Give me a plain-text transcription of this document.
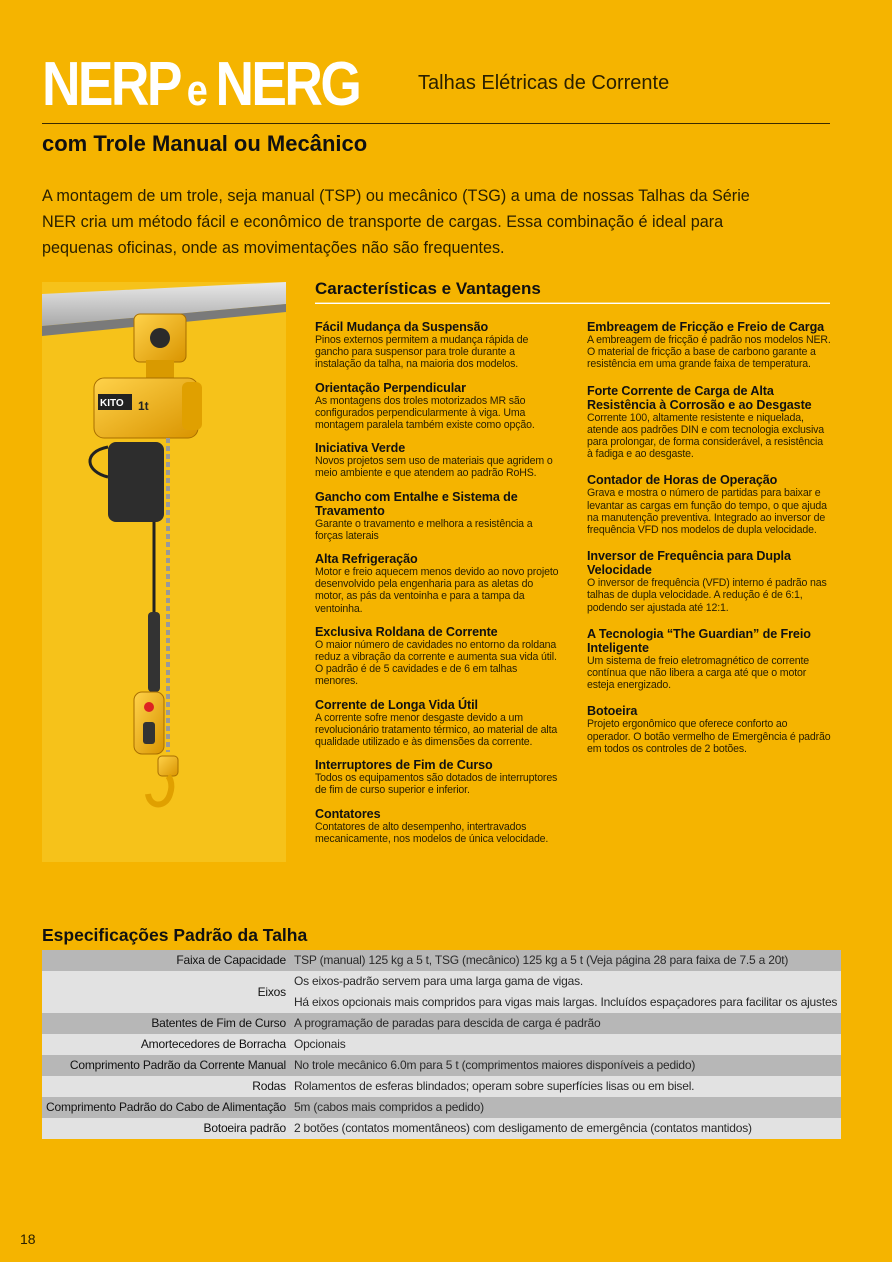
NERP e NERG	Talhas Elétricas de Corrente
com Trole Manual ou Mecânico
A montagem de um trole, seja manual (TSP) ou mecânico (TSG) a uma de nossas Talhas da Série NER cria um método fácil e econômico de transporte de cargas. Essa combinação é ideal para pequenas oficinas, onde as movimentações não são frequentes.
KITO 1t
Características e Vantagens
Fácil Mudança da Suspensão

Pinos externos permitem a mudança rápida de gancho para suspensor para trole durante a instalação da talha, na maioria dos modelos.

Orientação Perpendicular

As montagens dos troles motorizados MR são configurados perpendicularmente à viga. Uma montagem paralela também existe como opção.

Iniciativa Verde

Novos projetos sem uso de materiais que agridem o meio ambiente e que atendem ao padrão RoHS.

Gancho com Entalhe e Sistema de Travamento

Garante o travamento e melhora a resistência a forças laterais

Alta Refrigeração

Motor e freio aquecem menos devido ao novo projeto desenvolvido pela engenharia para as aletas do motor, as pás da ventoinha e para a tampa da ventoinha.

Exclusiva Roldana de Corrente

O maior número de cavidades no entorno da roldana reduz a vibração da corrente e aumenta sua vida útil. O padrão é de 5 cavidades e de 6 em talhas menores.

Corrente de Longa Vida Útil

A corrente sofre menor desgaste devido a um revolucionário tratamento térmico, ao material de alta qualidade utilizado e às dimensões da corrente.

Interruptores de Fim de Curso

Todos os equipamentos são dotados de interruptores de fim de curso superior e inferior.

Contatores

Contatores de alto desempenho, intertravados mecanicamente, nos modelos de única velocidade.

Embreagem de Fricção e Freio de Carga

A embreagem de fricção é padrão nos modelos NER. O material de fricção a base de carbono garante a resistência em uma grande faixa de temperatura.

Forte Corrente de Carga de Alta Resistência à Corrosão e ao Desgaste

Corrente 100, altamente resistente e niquelada, atende aos padrões DIN e com tecnologia exclusiva para prolongar, de forma considerável, a resistência à fadiga e ao desgaste.

Contador de Horas de Operação

Grava e mostra o número de partidas para baixar e levantar as cargas em função do tempo, o que ajuda na manutenção preventiva. Integrado ao inversor de frequência VFD nos modelos de dupla velocidade.

Inversor de Frequência para Dupla Velocidade

O inversor de frequência (VFD) interno é padrão nas talhas de dupla velocidade. A redução é de 6:1, podendo ser ajustada até 12:1.

A Tecnologia “The Guardian” de Freio Inteligente

Um sistema de freio eletromagnético de corrente contínua que não libera a carga até que o motor esteja energizado.

Botoeira

Projeto ergonômico que oferece conforto ao operador. O botão vermelho de Emergência é padrão em todos os controles de 2 botões.

Especificações Padrão da Talha
Faixa de Capacidade	TSP (manual) 125 kg a 5 t, TSG (mecânico) 125 kg a 5 t (Veja página 28 para faixa de 7.5 a 20t)
Eixos	Os eixos-padrão servem para uma larga gama de vigas.
	Há eixos opcionais mais compridos para vigas mais largas. Incluídos espaçadores para facilitar os ajustes
Batentes de Fim de Curso	A programação de paradas para descida de carga é padrão
Amortecedores de Borracha	Opcionais
Comprimento Padrão da Corrente Manual	No trole mecânico 6.0m para 5 t (comprimentos maiores disponíveis a pedido)
Rodas	Rolamentos de esferas blindados; operam sobre superfícies lisas ou em bisel.
Comprimento Padrão do Cabo de Alimentação	5m (cabos mais compridos a pedido)
Botoeira padrão	2 botões (contatos momentâneos) com desligamento de emergência (contatos mantidos)
18
